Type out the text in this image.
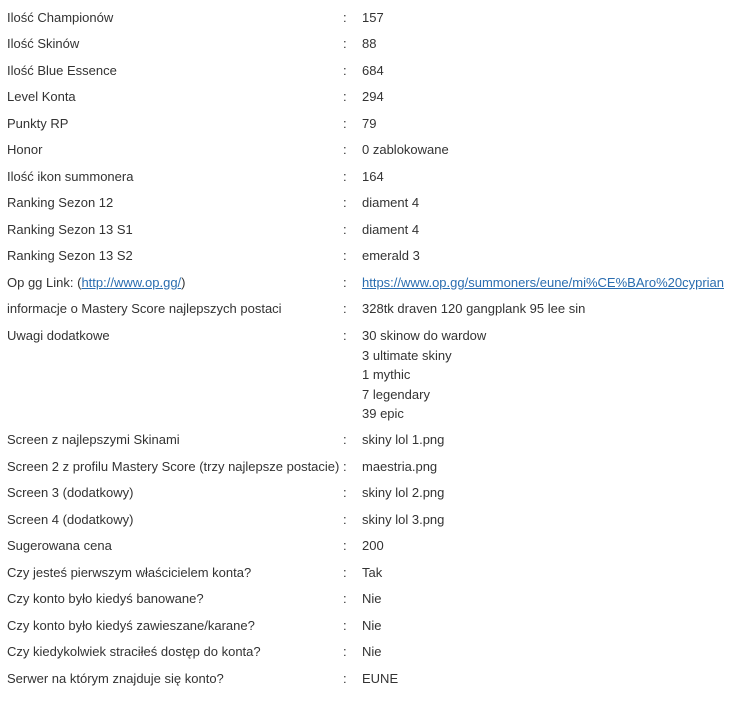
Ilość Championów	: 157
Ilość Skinów	: 88
Ilość Blue Essence	: 684
Level Konta	: 294
Punkty RP	: 79
Honor	: 0 zablokowane
Ilość ikon summonera	: 164
Ranking Sezon 12	: diament 4
Ranking Sezon 13 S1	: diament 4
Ranking Sezon 13 S2	: emerald 3
Op gg Link: (http://www.op.gg/)	: https://www.op.gg/summoners/eune/mi%CE%BAro%20cyprian
informacje o Mastery Score najlepszych postaci	: 328tk draven 120 gangplank 95 lee sin
Uwagi dodatkowe	: 30 skinow do wardow
3 ultimate skiny
1 mythic
7 legendary
39 epic
Screen z najlepszymi Skinami	: skiny lol 1.png
Screen 2 z profilu Mastery Score (trzy najlepsze postacie) : maestria.png
Screen 3 (dodatkowy)	: skiny lol 2.png
Screen 4 (dodatkowy)	: skiny lol 3.png
Sugerowana cena	: 200
Czy jesteś pierwszym właścicielem konta?	: Tak
Czy konto było kiedyś banowane?	: Nie
Czy konto było kiedyś zawieszane/karane?	: Nie
Czy kiedykolwiek straciłeś dostęp do konta?	: Nie
Serwer na którym znajduje się konto?	: EUNE
